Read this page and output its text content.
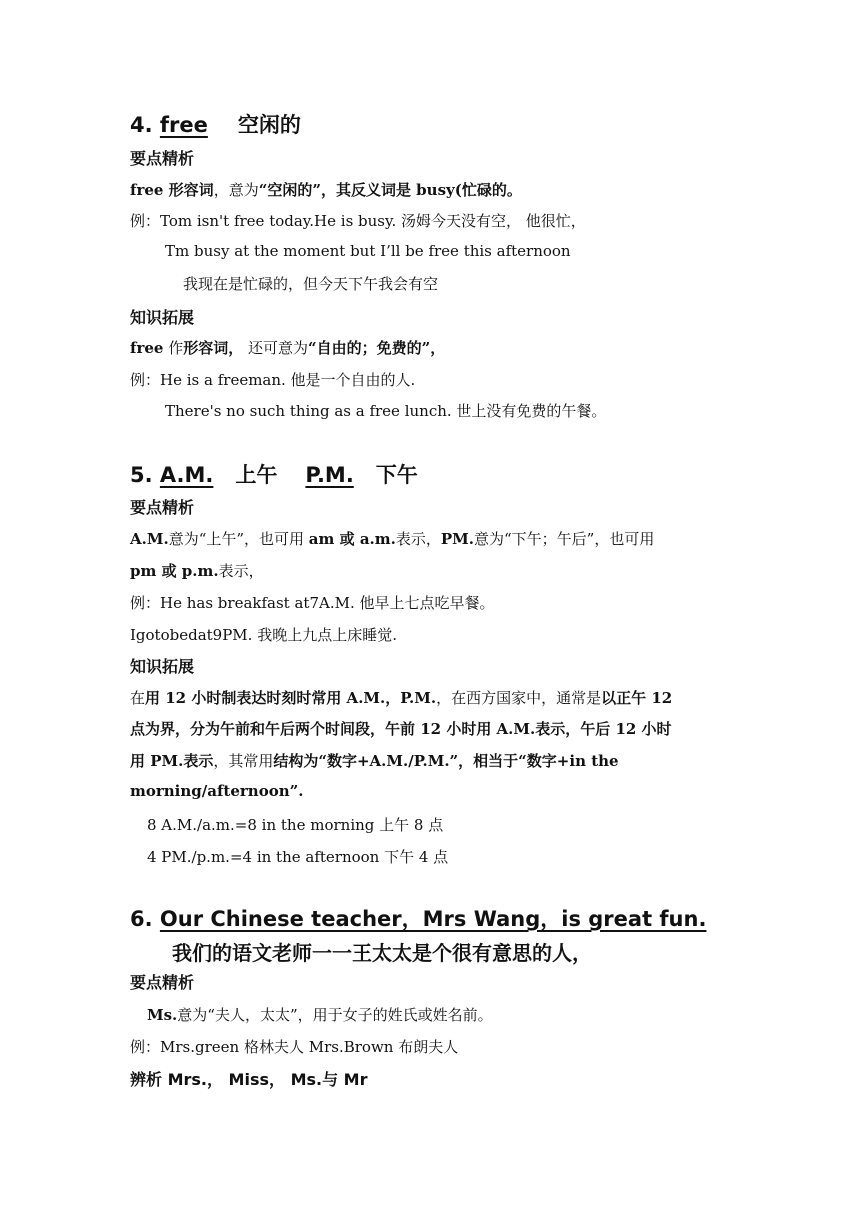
4. free 空闲的
要点精析
free 形容词，意为“空闲的”，其反义词是 busy(忙碌的。
例：Tom isn't free today.He is busy. 汤姆今天没有空， 他很忙，
Tm busy at the moment but I’ll be free this afternoon
我现在是忙碌的，但今天下午我会有空
知识拓展
free 作形容词， 还可意为“自由的；免费的”，
例：He is a freeman. 他是一个自由的人.
There's no such thing as a free lunch. 世上没有免费的午餐。
5. A.M. 上午 P.M. 下午
要点精析
A.M.意为“上午”，也可用 am 或 a.m.表示，PM.意为“下午；午后”，也可用
pm 或 p.m.表示，
例：He has breakfast at7A.M. 他早上七点吃早餐。
Igotobedat9PM. 我晚上九点上床睡觉.
知识拓展
在用 12 小时制表达时刻时常用 A.M.，P.M.，在西方国家中，通常是以正午 12
点为界，分为午前和午后两个时间段，午前 12 小时用 A.M.表示，午后 12 小时
用 PM.表示，其常用结构为“数字+A.M./P.M.”，相当于“数字+in the
morning/afternoon”.
8 A.M./a.m.=8 in the morning 上午 8 点
4 PM./p.m.=4 in the afternoon 下午 4 点
6. Our Chinese teacher，Mrs Wang，is great fun.
我们的语文老师一一王太太是个很有意思的人，
要点精析
Ms.意为“夫人，太太”，用于女子的姓氏或姓名前。
例：Mrs.green 格林夫人 Mrs.Brown 布朗夫人
辨析 Mrs.， Miss， Ms.与 Mr
